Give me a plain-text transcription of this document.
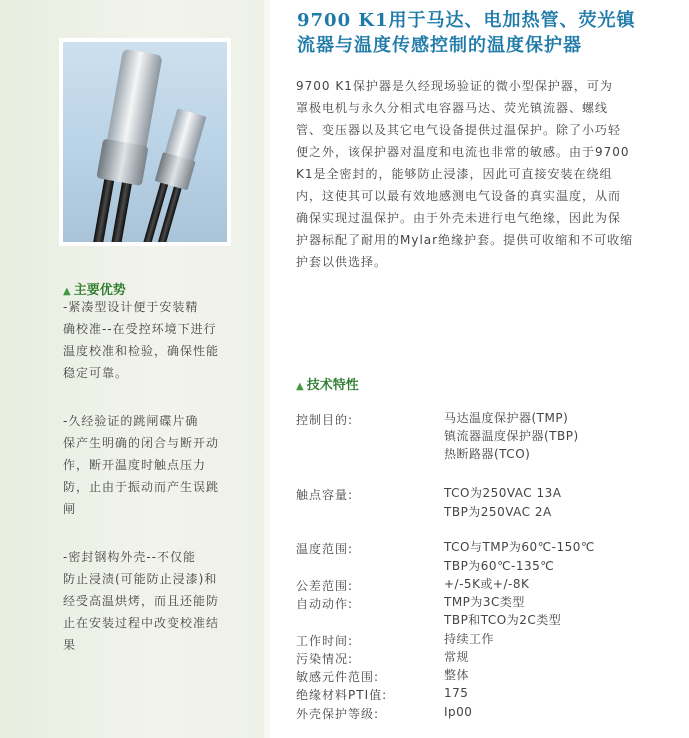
▲ 主要优势
-紧凑型设计便于安装精
确校准--在受控环境下进行
温度校准和检验，确保性能
稳定可靠。
-久经验证的跳闸碟片确
保产生明确的闭合与断开动
作，断开温度时触点压力
防，止由于振动而产生误跳
闸
-密封钢构外壳--不仅能
防止浸渍(可能防止浸漆)和
经受高温烘烤，而且还能防
止在安装过程中改变校准结
果
9700 K1用于马达、电加热管、荧光镇
流器与温度传感控制的温度保护器
9700 K1保护器是久经现场验证的微小型保护器，可为
罩极电机与永久分相式电容器马达、荧光镇流器、螺线
管、变压器以及其它电气设备提供过温保护。除了小巧轻
便之外，该保护器对温度和电流也非常的敏感。由于9700
K1是全密封的，能够防止浸漆，因此可直接安装在绕组
内，这使其可以最有效地感测电气设备的真实温度，从而
确保实现过温保护。由于外壳未进行电气绝缘，因此为保
护器标配了耐用的Mylar绝缘护套。提供可收缩和不可收缩
护套以供选择。
▲ 技术特性
控制目的:	马达温度保护器(TMP)
镇流器温度保护器(TBP)
热断路器(TCO)
触点容量:	TCO为250VAC 13A
TBP为250VAC 2A
温度范围:	TCO与TMP为60℃-150℃
TBP为60℃-135℃
公差范围:	+/-5K或+/-8K
自动动作:	TMP为3C类型
TBP和TCO为2C类型
工作时间:	持续工作
污染情况:	常规
敏感元件范围:	整体
绝缘材料PTI值:	175
外壳保护等级:	Ip00
